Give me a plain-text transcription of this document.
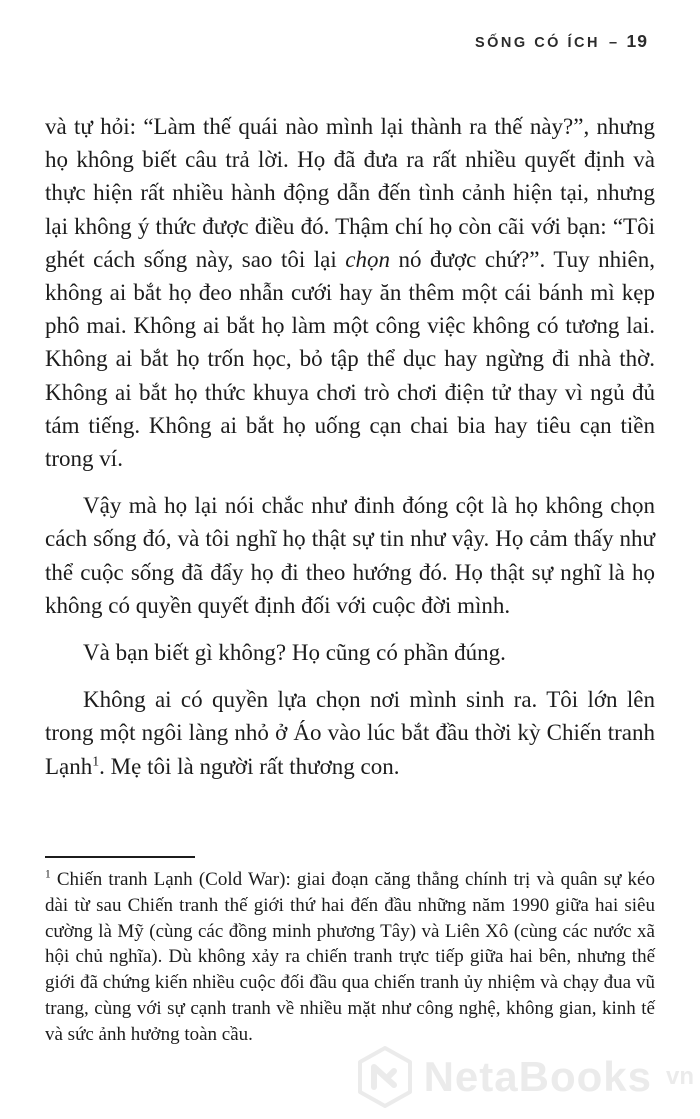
SỐNG CÓ ÍCH – 19

và tự hỏi: “Làm thế quái nào mình lại thành ra thế này?”, nhưng họ không biết câu trả lời. Họ đã đưa ra rất nhiều quyết định và thực hiện rất nhiều hành động dẫn đến tình cảnh hiện tại, nhưng lại không ý thức được điều đó. Thậm chí họ còn cãi với bạn: “Tôi ghét cách sống này, sao tôi lại chọn nó được chứ?”. Tuy nhiên, không ai bắt họ đeo nhẫn cưới hay ăn thêm một cái bánh mì kẹp phô mai. Không ai bắt họ làm một công việc không có tương lai. Không ai bắt họ trốn học, bỏ tập thể dục hay ngừng đi nhà thờ. Không ai bắt họ thức khuya chơi trò chơi điện tử thay vì ngủ đủ tám tiếng. Không ai bắt họ uống cạn chai bia hay tiêu cạn tiền trong ví.

Vậy mà họ lại nói chắc như đinh đóng cột là họ không chọn cách sống đó, và tôi nghĩ họ thật sự tin như vậy. Họ cảm thấy như thể cuộc sống đã đẩy họ đi theo hướng đó. Họ thật sự nghĩ là họ không có quyền quyết định đối với cuộc đời mình.

Và bạn biết gì không? Họ cũng có phần đúng.

Không ai có quyền lựa chọn nơi mình sinh ra. Tôi lớn lên trong một ngôi làng nhỏ ở Áo vào lúc bắt đầu thời kỳ Chiến tranh Lạnh$^1$. Mẹ tôi là người rất thương con.

$^1$ Chiến tranh Lạnh (Cold War): giai đoạn căng thẳng chính trị và quân sự kéo dài từ sau Chiến tranh thế giới thứ hai đến đầu những năm 1990 giữa hai siêu cường là Mỹ (cùng các đồng minh phương Tây) và Liên Xô (cùng các nước xã hội chủ nghĩa). Dù không xảy ra chiến tranh trực tiếp giữa hai bên, nhưng thế giới đã chứng kiến nhiều cuộc đối đầu qua chiến tranh ủy nhiệm và chạy đua vũ trang, cùng với sự cạnh tranh về nhiều mặt như công nghệ, không gian, kinh tế và sức ảnh hưởng toàn cầu.

NetaBooks vn
